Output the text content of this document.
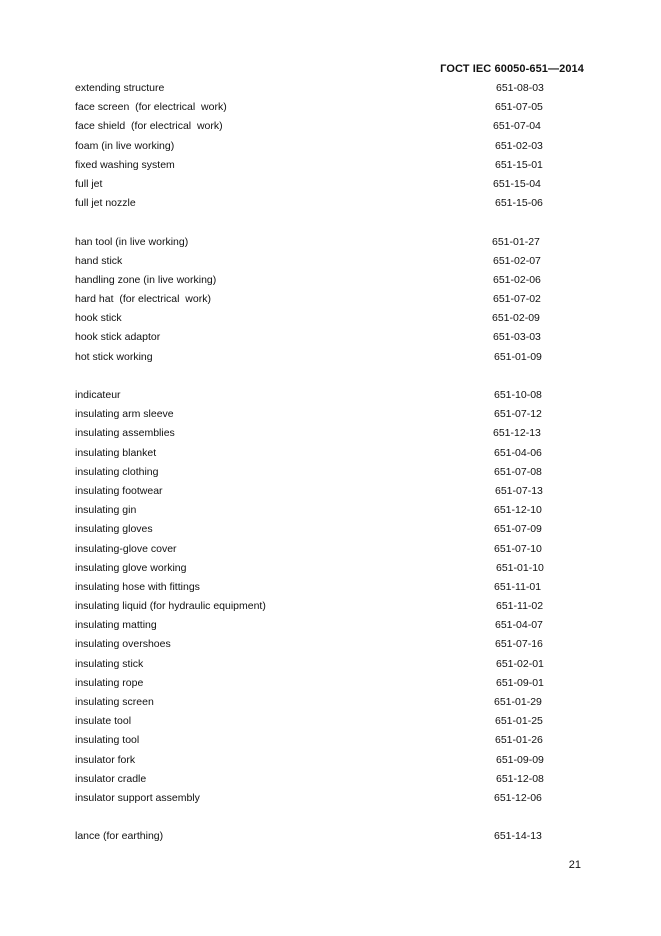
ГОСТ IEC 60050-651—2014
extending structure	651-08-03
face screen  (for electrical  work)	651-07-05
face shield  (for electrical  work)	651-07-04
foam (in live working)	651-02-03
fixed washing system	651-15-01
full jet	651-15-04
full jet nozzle	651-15-06
han tool (in live working)	651-01-27
hand stick	651-02-07
handling zone (in live working)	651-02-06
hard hat  (for electrical  work)	651-07-02
hook stick	651-02-09
hook stick adaptor	651-03-03
hot stick working	651-01-09
indicateur	651-10-08
insulating arm sleeve	651-07-12
insulating assemblies	651-12-13
insulating blanket	651-04-06
insulating clothing	651-07-08
insulating footwear	651-07-13
insulating gin	651-12-10
insulating gloves	651-07-09
insulating-glove cover	651-07-10
insulating glove working	651-01-10
insulating hose with fittings	651-11-01
insulating liquid (for hydraulic equipment)	651-11-02
insulating matting	651-04-07
insulating overshoes	651-07-16
insulating stick	651-02-01
insulating rope	651-09-01
insulating screen	651-01-29
insulate tool	651-01-25
insulating tool	651-01-26
insulator fork	651-09-09
insulator cradle	651-12-08
insulator support assembly	651-12-06
lance (for earthing)	651-14-13
21
